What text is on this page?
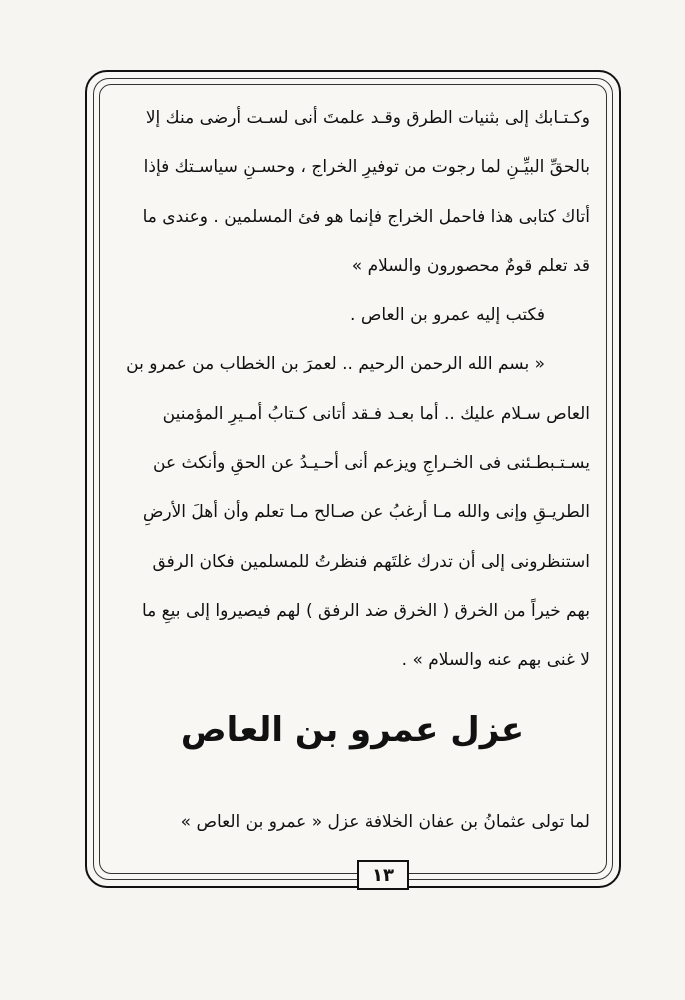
وكـتـابك إلى بثنيات الطرق وقـد علمتَ أنى لسـت أرضى منك إلا
بالحقِّ البيِّـنِ لما رجوت من توفيرِ الخراج ، وحسـنِ سياسـتك فإذا
أتاك كتابى هذا فاحمل الخراج فإنما هو فئ المسلمين . وعندى ما
قد تعلم قومٌ محصورون والسلام »

فكتب إليه عمرو بن العاص .

« بسم الله الرحمن الرحيم .. لعمرَ بن الخطاب من عمرو بن
العاص سـلام عليك .. أما بعـد فـقد أتانى كـتابُ أمـيرِ المؤمنين
يسـتـبطـئنى فى الخـراجِ ويزعم أنى أحـيـدُ عن الحقِ وأنكث عن
الطريـقِ وإنى والله مـا أرغبُ عن صـالح مـا تعلم وأن أهلَ الأرضِ
استنظرونى إلى أن تدرك غلتَهم فنظرتُ للمسلمين فكان الرفق
بهم خيراً من الخرق ( الخرق ضد الرفق ) لهم فيصيروا إلى بيعِ ما
لا غنى بهم عنه والسلام » .

عزل عمرو بن العاص
لما تولى عثمانُ بن عفان الخلافة عزل « عمرو بن العاص »
١٣
